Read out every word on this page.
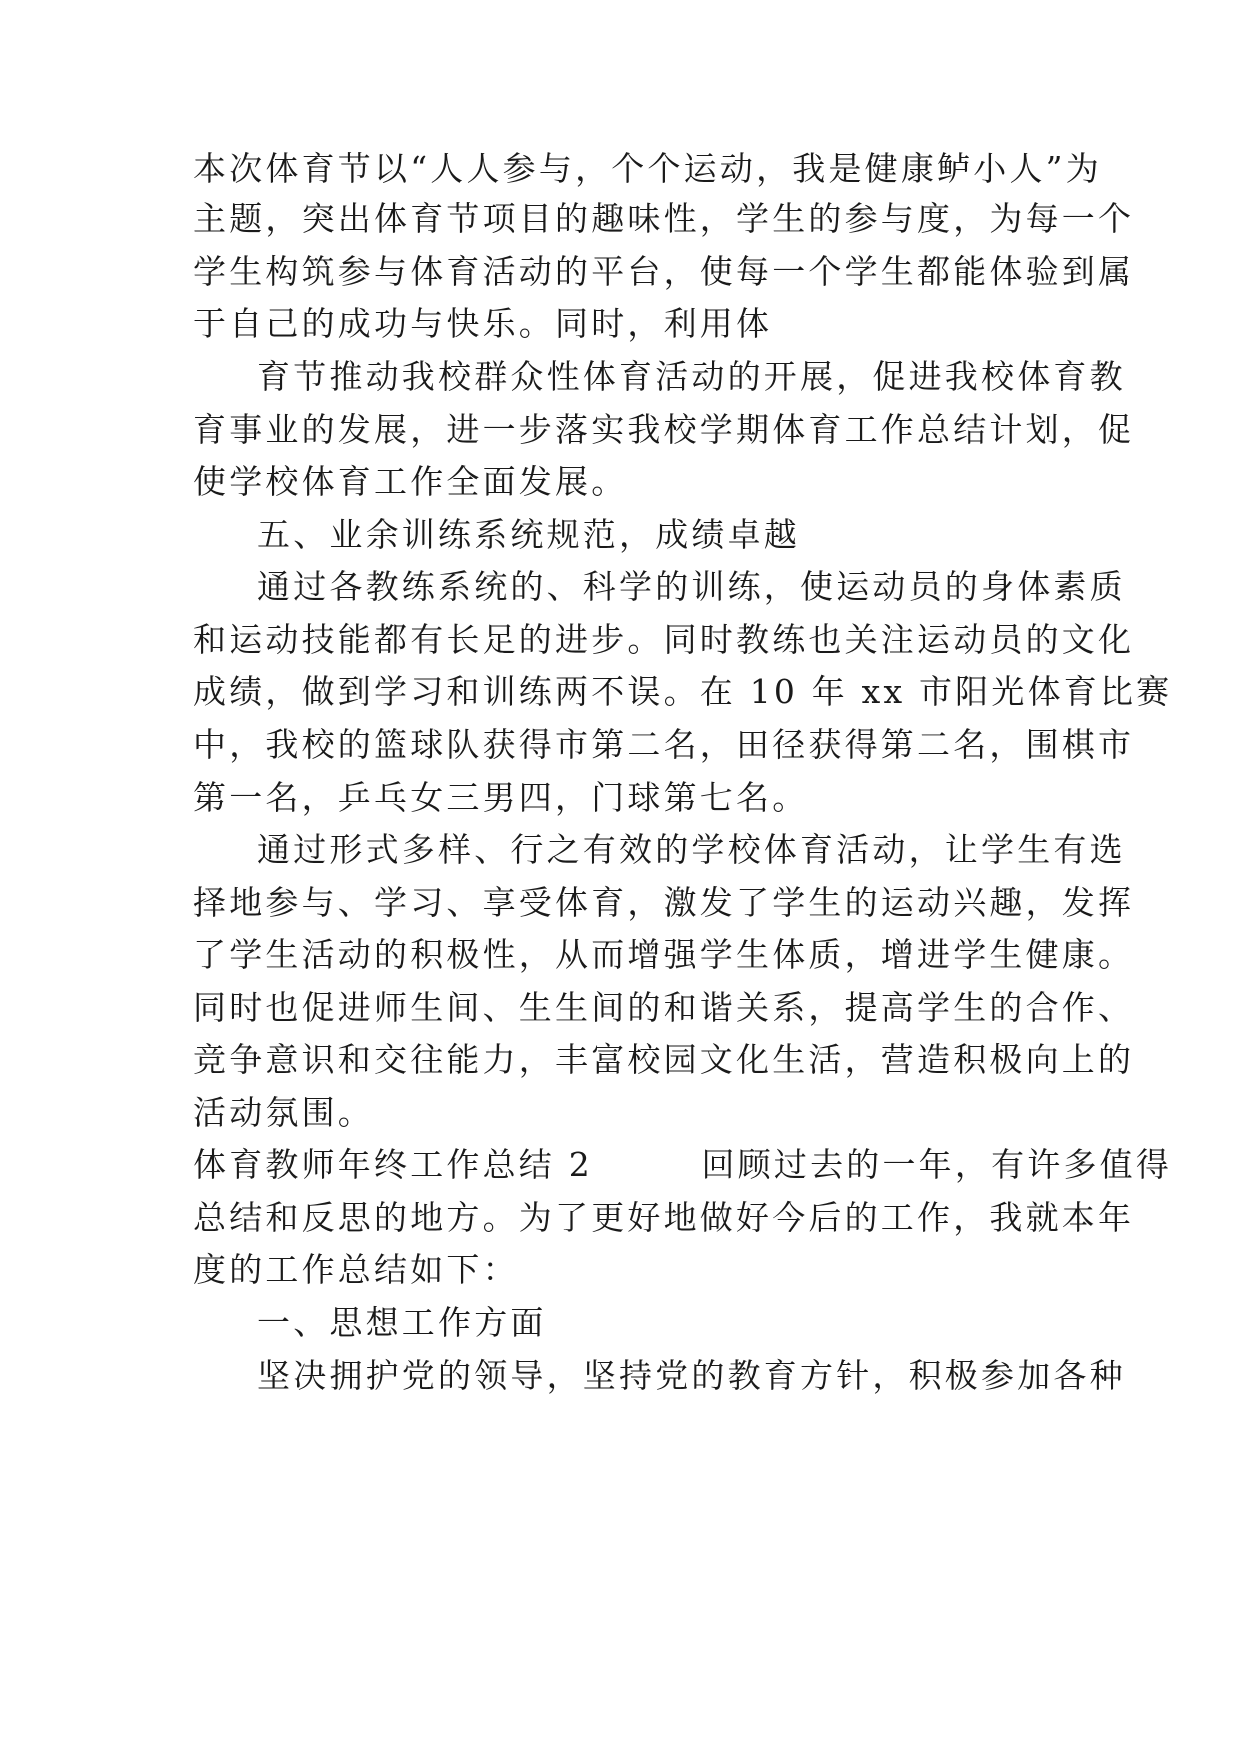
本次体育节以“人人参与，个个运动，我是健康鲈小人”为
主题，突出体育节项目的趣味性，学生的参与度，为每一个
学生构筑参与体育活动的平台，使每一个学生都能体验到属
于自己的成功与快乐。同时，利用体
育节推动我校群众性体育活动的开展，促进我校体育教
育事业的发展，进一步落实我校学期体育工作总结计划，促
使学校体育工作全面发展。
五、业余训练系统规范，成绩卓越
通过各教练系统的、科学的训练，使运动员的身体素质
和运动技能都有长足的进步。同时教练也关注运动员的文化
成绩，做到学习和训练两不误。在 10 年 xx 市阳光体育比赛
中，我校的篮球队获得市第二名，田径获得第二名，围棋市
第一名，乒乓女三男四，门球第七名。
通过形式多样、行之有效的学校体育活动，让学生有选
择地参与、学习、享受体育，激发了学生的运动兴趣，发挥
了学生活动的积极性，从而增强学生体质，增进学生健康。
同时也促进师生间、生生间的和谐关系，提高学生的合作、
竞争意识和交往能力，丰富校园文化生活，营造积极向上的
活动氛围。
体育教师年终工作总结 2　　　回顾过去的一年，有许多值得
总结和反思的地方。为了更好地做好今后的工作，我就本年
度的工作总结如下：
一、思想工作方面
坚决拥护党的领导，坚持党的教育方针，积极参加各种
